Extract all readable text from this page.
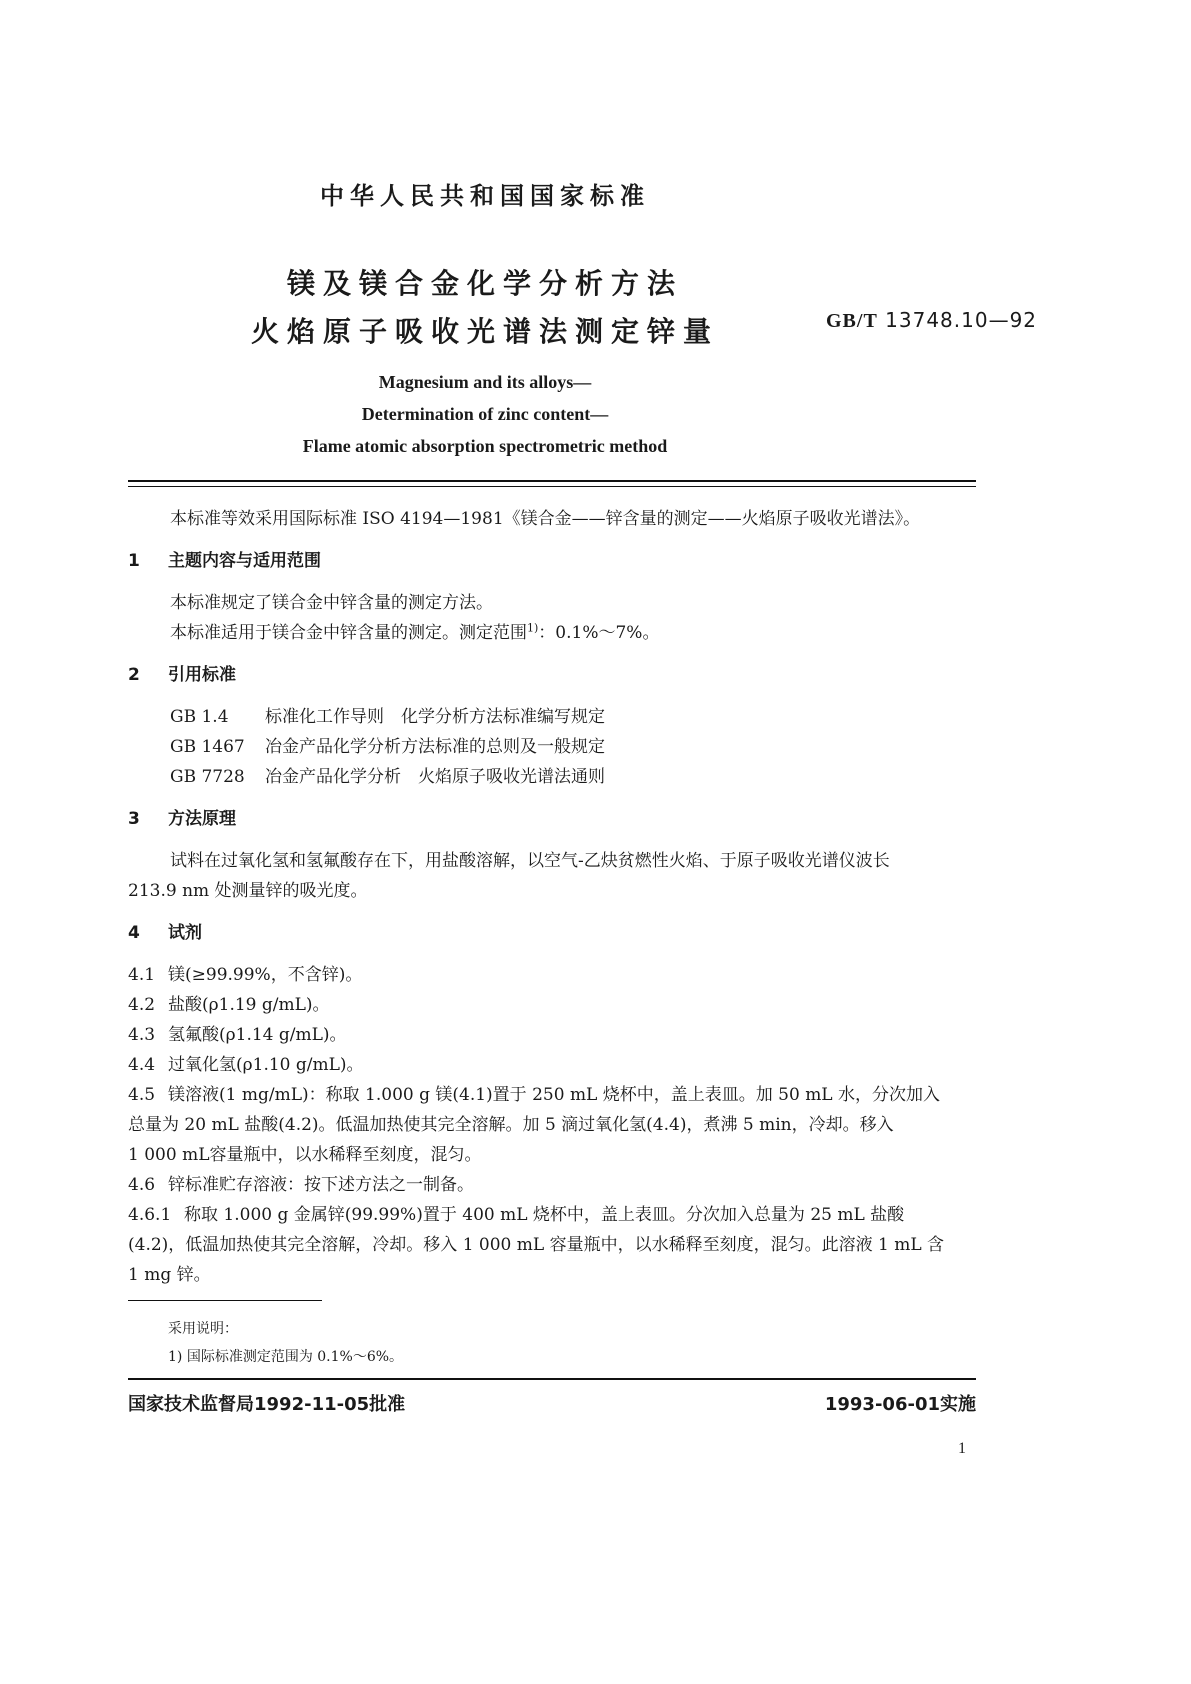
中华人民共和国国家标准
镁及镁合金化学分析方法
火焰原子吸收光谱法测定锌量	GB/T 13748.10—92
Magnesium and its alloys—
Determination of zinc content—
Flame atomic absorption spectrometric method
本标准等效采用国际标准 ISO 4194—1981《镁合金——锌含量的测定——火焰原子吸收光谱法》。
1 主题内容与适用范围
本标准规定了镁合金中锌含量的测定方法。
本标准适用于镁合金中锌含量的测定。测定范围$^{1)}$：0.1%～7%。
2 引用标准
GB 1.4 标准化工作导则　化学分析方法标准编写规定
GB 1467 冶金产品化学分析方法标准的总则及一般规定
GB 7728 冶金产品化学分析　火焰原子吸收光谱法通则
3 方法原理
试料在过氧化氢和氢氟酸存在下，用盐酸溶解，以空气-乙炔贫燃性火焰、于原子吸收光谱仪波长
213.9 nm 处测量锌的吸光度。
4 试剂
4.1 镁(≥99.99%，不含锌)。
4.2 盐酸(ρ1.19 g/mL)。
4.3 氢氟酸(ρ1.14 g/mL)。
4.4 过氧化氢(ρ1.10 g/mL)。
4.5 镁溶液(1 mg/mL)：称取 1.000 g 镁(4.1)置于 250 mL 烧杯中，盖上表皿。加 50 mL 水，分次加入
总量为 20 mL 盐酸(4.2)。低温加热使其完全溶解。加 5 滴过氧化氢(4.4)，煮沸 5 min，冷却。移入
1 000 mL容量瓶中，以水稀释至刻度，混匀。
4.6 锌标准贮存溶液：按下述方法之一制备。
4.6.1 称取 1.000 g 金属锌(99.99%)置于 400 mL 烧杯中，盖上表皿。分次加入总量为 25 mL 盐酸
(4.2)，低温加热使其完全溶解，冷却。移入 1 000 mL 容量瓶中，以水稀释至刻度，混匀。此溶液 1 mL 含
1 mg 锌。
采用说明：
1) 国际标准测定范围为 0.1%～6%。
国家技术监督局1992-11-05批准	1993-06-01实施
1
